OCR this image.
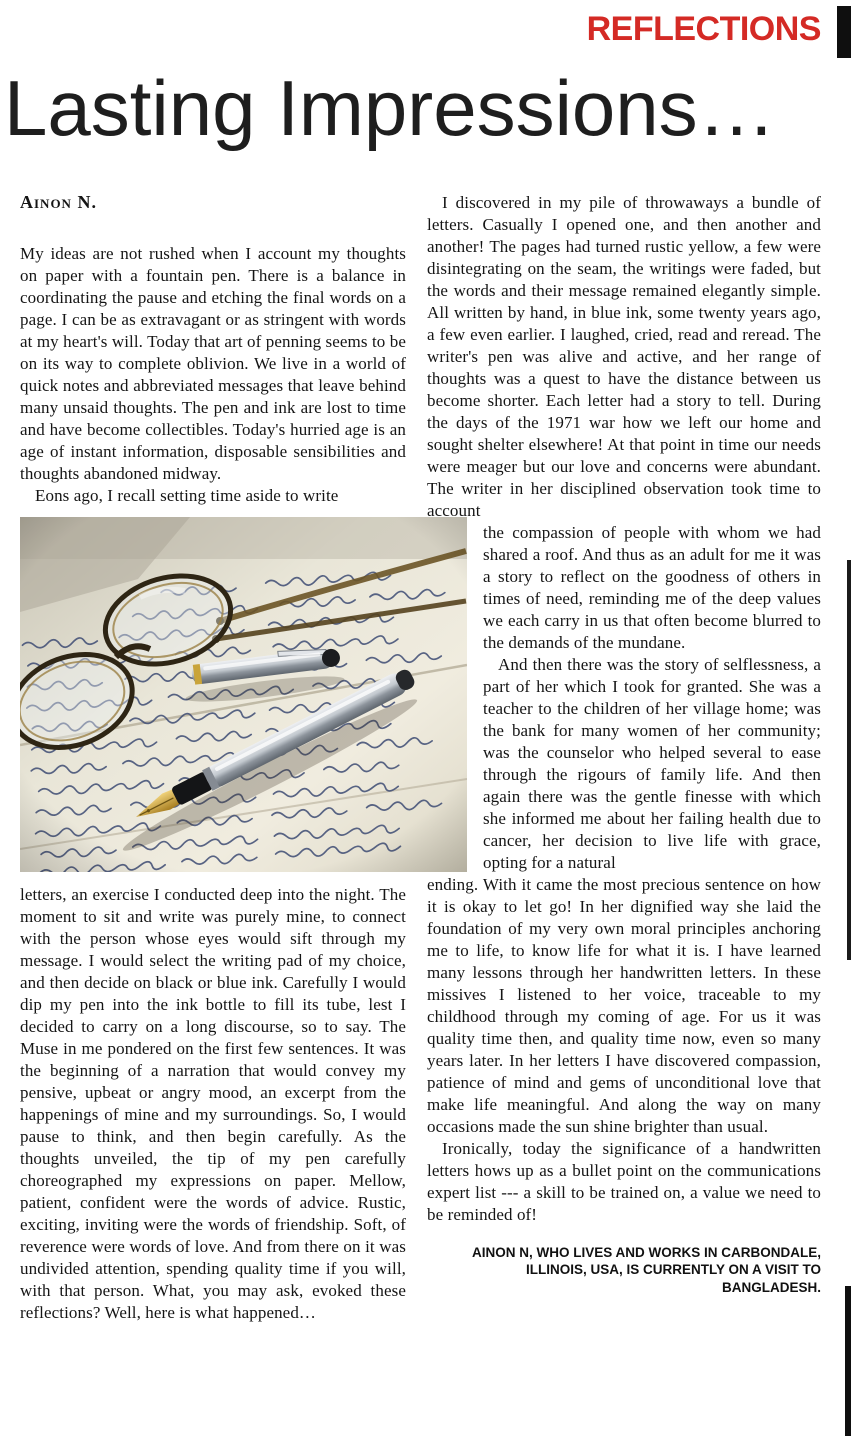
REFLECTIONS
Lasting Impressions…
Ainon N.

My ideas are not rushed when I account my thoughts on paper with a fountain pen. There is a balance in coordinating the pause and etching the final words on a page. I can be as extravagant or as stringent with words at my heart's will. Today that art of penning seems to be on its way to complete oblivion. We live in a world of quick notes and abbreviated messages that leave behind many unsaid thoughts. The pen and ink are lost to time and have become collectibles. Today's hurried age is an age of instant information, disposable sensibilities and thoughts abandoned midway.

Eons ago, I recall setting time aside to write

letters, an exercise I conducted deep into the night. The moment to sit and write was purely mine, to connect with the person whose eyes would sift through my message. I would select the writing pad of my choice, and then decide on black or blue ink. Carefully I would dip my pen into the ink bottle to fill its tube, lest I decided to carry on a long discourse, so to say. The Muse in me pondered on the first few sentences. It was the beginning of a narration that would convey my pensive, upbeat or angry mood, an excerpt from the happenings of mine and my surroundings. So, I would pause to think, and then begin carefully. As the thoughts unveiled, the tip of my pen carefully choreographed my expressions on paper. Mellow, patient, confident were the words of advice. Rustic, exciting, inviting were the words of friendship. Soft, of reverence were words of love. And from there on it was undivided attention, spending quality time if you will, with that person. What, you may ask, evoked these reflections? Well, here is what happened…

I discovered in my pile of throwaways a bundle of letters. Casually I opened one, and then another and another! The pages had turned rustic yellow, a few were disintegrating on the seam, the writings were faded, but the words and their message remained elegantly simple. All written by hand, in blue ink, some twenty years ago, a few even earlier. I laughed, cried, read and reread. The writer's pen was alive and active, and her range of thoughts was a quest to have the distance between us become shorter. Each letter had a story to tell. During the days of the 1971 war how we left our home and sought shelter elsewhere! At that point in time our needs were meager but our love and concerns were abundant. The writer in her disciplined observation took time to account

the compassion of people with whom we had shared a roof. And thus as an adult for me it was a story to reflect on the goodness of others in times of need, reminding me of the deep values we each carry in us that often become blurred to the demands of the mundane.

And then there was the story of selflessness, a part of her which I took for granted. She was a teacher to the children of her village home; was the bank for many women of her community; was the counselor who helped several to ease through the rigours of family life. And then again there was the gentle finesse with which she informed me about her failing health due to cancer, her decision to live life with grace, opting for a natural

ending. With it came the most precious sentence on how it is okay to let go! In her dignified way she laid the foundation of my very own moral principles anchoring me to life, to know life for what it is. I have learned many lessons through her handwritten letters. In these missives I listened to her voice, traceable to my childhood through my coming of age. For us it was quality time then, and quality time now, even so many years later. In her letters I have discovered compassion, patience of mind and gems of unconditional love that make life meaningful. And along the way on many occasions made the sun shine brighter than usual.

Ironically, today the significance of a handwritten letters hows up as a bullet point on the communications expert list --- a skill to be trained on, a value we need to be reminded of!

AINON N, WHO LIVES AND WORKS IN CARBONDALE, ILLINOIS, USA, IS CURRENTLY ON A VISIT TO BANGLADESH.
